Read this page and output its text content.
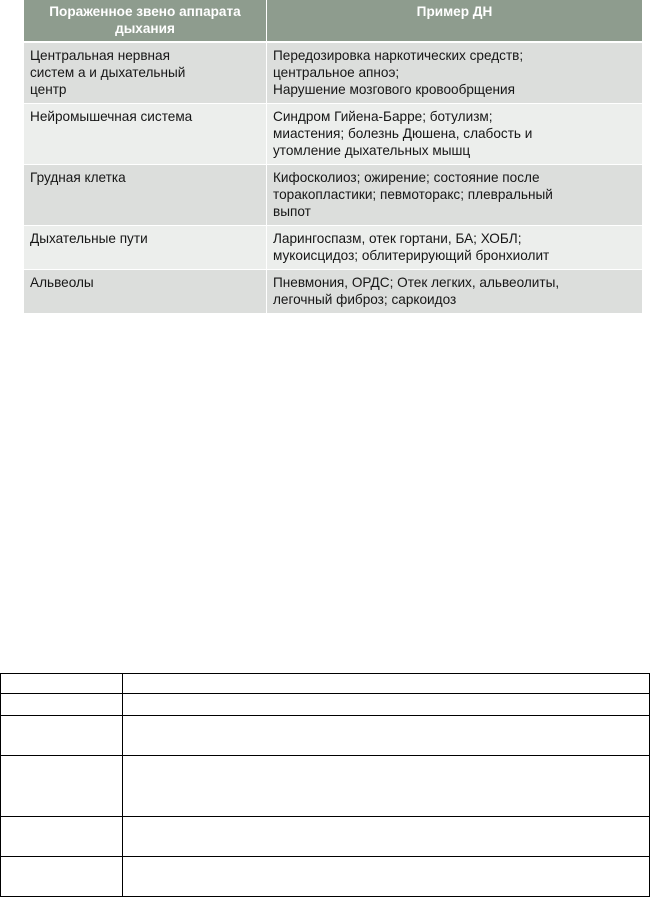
Пораженное звено аппарата дыхания	Пример ДН

Центральная нервная
систем а и дыхательный
центр	Передозировка наркотических средств;
центральное апноэ;
Нарушение мозгового кровообрщения

Нейромышечная система	Синдром Гийена-Барре; ботулизм;
миастения; болезнь Дюшена, слабость и
утомление дыхательных мышц

Грудная клетка	Кифосколиоз; ожирение; состояние после
торакопластики; певмоторакс; плевральный
выпот

Дыхательные пути	Ларингоспазм, отек гортани, БА; ХОБЛ;
мукоисцидоз; облитерирующий бронхиолит

Альвеолы	Пневмония, ОРДС; Отек легких, альвеолиты,
легочный фиброз; саркоидоз
